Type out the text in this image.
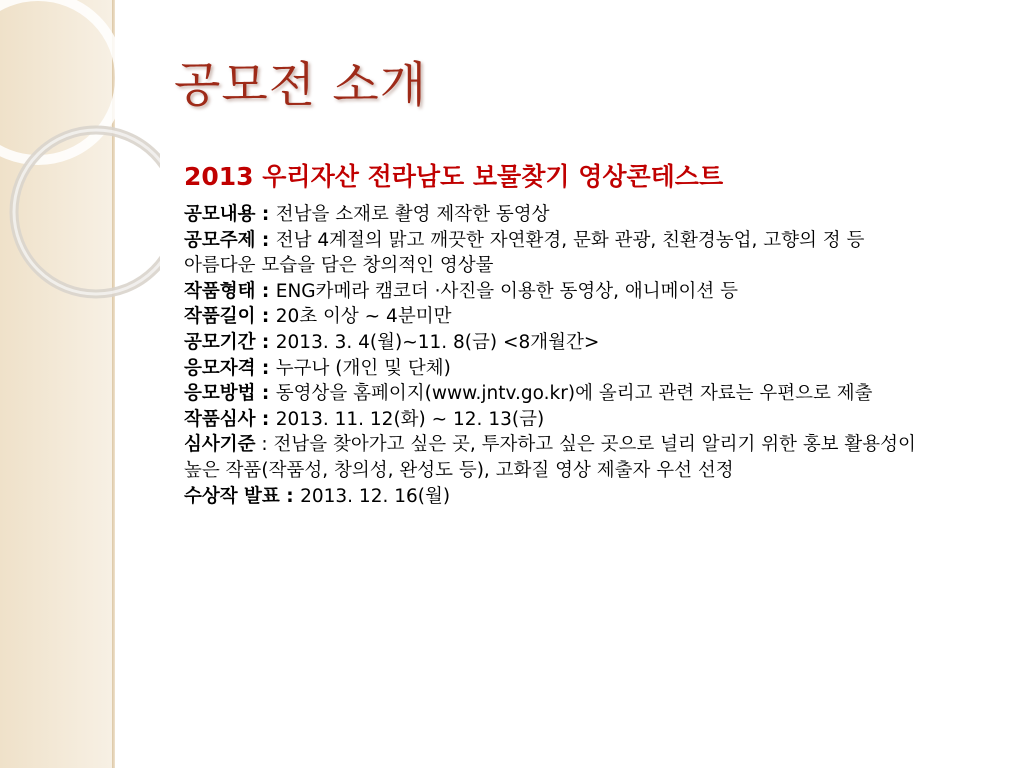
공모전 소개
2013 우리자산 전라남도 보물찾기 영상콘테스트
공모내용 : 전남을 소재로 촬영 제작한 동영상
공모주제 : 전남 4계절의 맑고 깨끗한 자연환경, 문화 관광, 친환경농업, 고향의 정 등
아름다운 모습을 담은 창의적인 영상물
작품형태 : ENG카메라 캠코더 ·사진을 이용한 동영상, 애니메이션 등
작품길이 : 20초 이상 ~ 4분미만
공모기간 : 2013. 3. 4(월)∼11. 8(금) <8개월간>
응모자격 : 누구나 (개인 및 단체)
응모방법 : 동영상을 홈페이지(www.jntv.go.kr)에 올리고 관련 자료는 우편으로 제출
작품심사 : 2013. 11. 12(화) ∼ 12. 13(금)
심사기준 : 전남을 찾아가고 싶은 곳, 투자하고 싶은 곳으로 널리 알리기 위한 홍보 활용성이 높은 작품(작품성, 창의성, 완성도 등), 고화질 영상 제출자 우선 선정
수상작 발표 : 2013. 12. 16(월)
